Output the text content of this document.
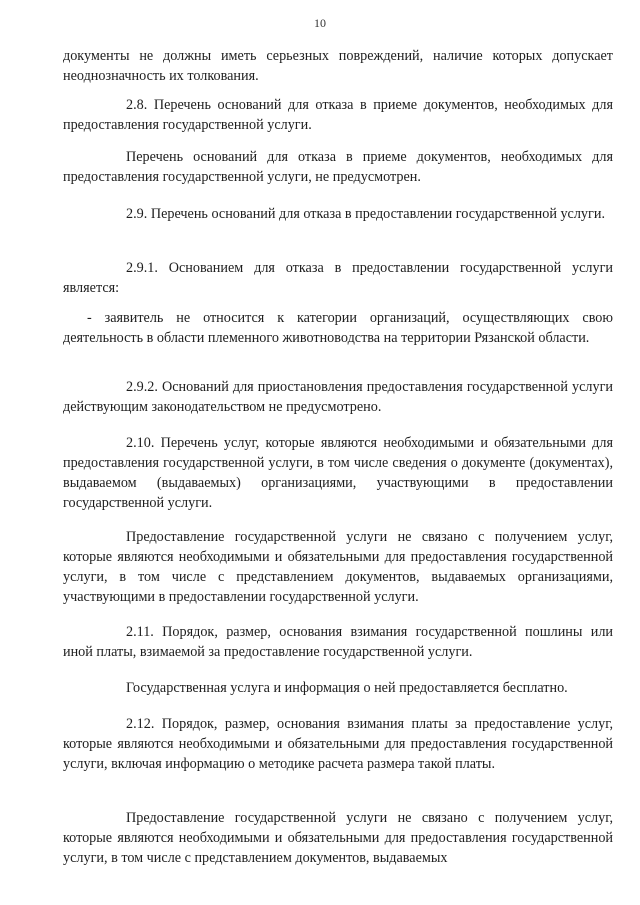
10
документы не должны иметь серьезных повреждений, наличие которых допускает неоднозначность их толкования.
2.8. Перечень оснований для отказа в приеме документов, необходимых для предоставления государственной услуги.
Перечень оснований для отказа в приеме документов, необходимых для предоставления государственной услуги, не предусмотрен.
2.9. Перечень оснований для отказа в предоставлении государственной услуги.
2.9.1. Основанием для отказа в предоставлении государственной услуги является:
- заявитель не относится к категории организаций, осуществляющих свою деятельность в области племенного животноводства на территории Рязанской области.
2.9.2. Оснований для приостановления предоставления государственной услуги действующим законодательством не предусмотрено.
2.10. Перечень услуг, которые являются необходимыми и обязательными для предоставления государственной услуги, в том числе сведения о документе (документах), выдаваемом (выдаваемых) организациями, участвующими в предоставлении государственной услуги.
Предоставление государственной услуги не связано с получением услуг, которые являются необходимыми и обязательными для предоставления государственной услуги, в том числе с представлением документов, выдаваемых организациями, участвующими в предоставлении государственной услуги.
2.11. Порядок, размер, основания взимания государственной пошлины или иной платы, взимаемой за предоставление государственной услуги.
Государственная услуга и информация о ней предоставляется бесплатно.
2.12. Порядок, размер, основания взимания платы за предоставление услуг, которые являются необходимыми и обязательными для предоставления государственной услуги, включая информацию о методике расчета размера такой платы.
Предоставление государственной услуги не связано с получением услуг, которые являются необходимыми и обязательными для предоставления государственной услуги, в том числе с представлением документов, выдаваемых
